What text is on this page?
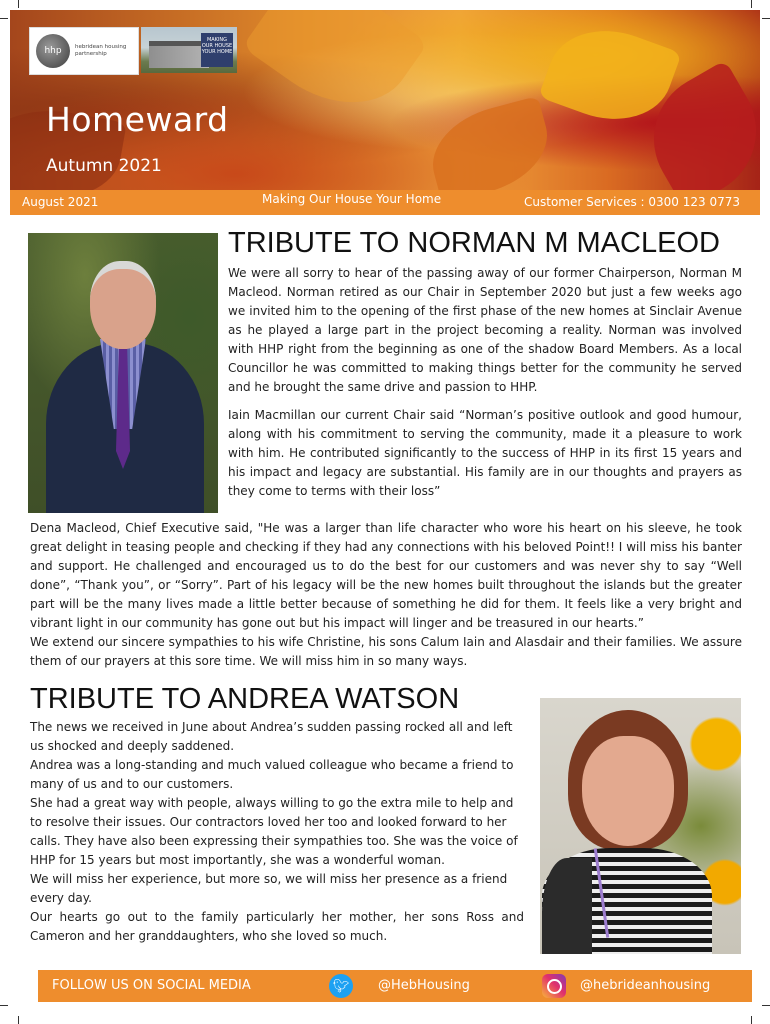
hhp	hebridean housing partnership
MAKING OUR HOUSE YOUR HOME
Homeward
Autumn 2021
August 2021	Making Our House Your Home	Customer Services : 0300 123 0773
TRIBUTE TO NORMAN M MACLEOD

We were all sorry to hear of the passing away of our former Chairperson, Norman M Macleod. Norman retired as our Chair in September 2020 but just a few weeks ago we invited him to the opening of the first phase of the new homes at Sinclair Avenue as he played a large part in the project becoming a reality. Norman was involved with HHP right from the beginning as one of the shadow Board Members. As a local Councillor he was committed to making things better for the community he served and he brought the same drive and passion to HHP.

Iain Macmillan our current Chair said “Norman’s positive outlook and good humour, along with his commitment to serving the community, made it a pleasure to work with him. He contributed significantly to the success of HHP in its first 15 years and his impact and legacy are substantial. His family are in our thoughts and prayers as they come to terms with their loss”

Dena Macleod, Chief Executive said, "He was a larger than life character who wore his heart on his sleeve, he took great delight in teasing people and checking if they had any connections with his beloved Point!! I will miss his banter and support. He challenged and encouraged us to do the best for our customers and was never shy to say “Well done”, “Thank you”, or “Sorry”. Part of his legacy will be the new homes built throughout the islands but the greater part will be the many lives made a little better because of something he did for them. It feels like a very bright and vibrant light in our community has gone out but his impact will linger and be treasured in our hearts.”

We extend our sincere sympathies to his wife Christine, his sons Calum Iain and Alasdair and their families. We assure them of our prayers at this sore time. We will miss him in so many ways.

TRIBUTE TO ANDREA WATSON

The news we received in June about Andrea’s sudden passing rocked all and left us shocked and deeply saddened.

Andrea was a long-standing and much valued colleague who became a friend to many of us and to our customers.

She had a great way with people, always willing to go the extra mile to help and to resolve their issues. Our contractors loved her too and looked forward to her calls. They have also been expressing their sympathies too. She was the voice of HHP for 15 years but most importantly, she was a wonderful woman.

We will miss her experience, but more so, we will miss her presence as a friend every day.

Our hearts go out to the family particularly her mother, her sons Ross and Cameron and her granddaughters, who she loved so much.

FOLLOW US ON SOCIAL MEDIA	🐦︎ @HebHousing	@hebrideanhousing
